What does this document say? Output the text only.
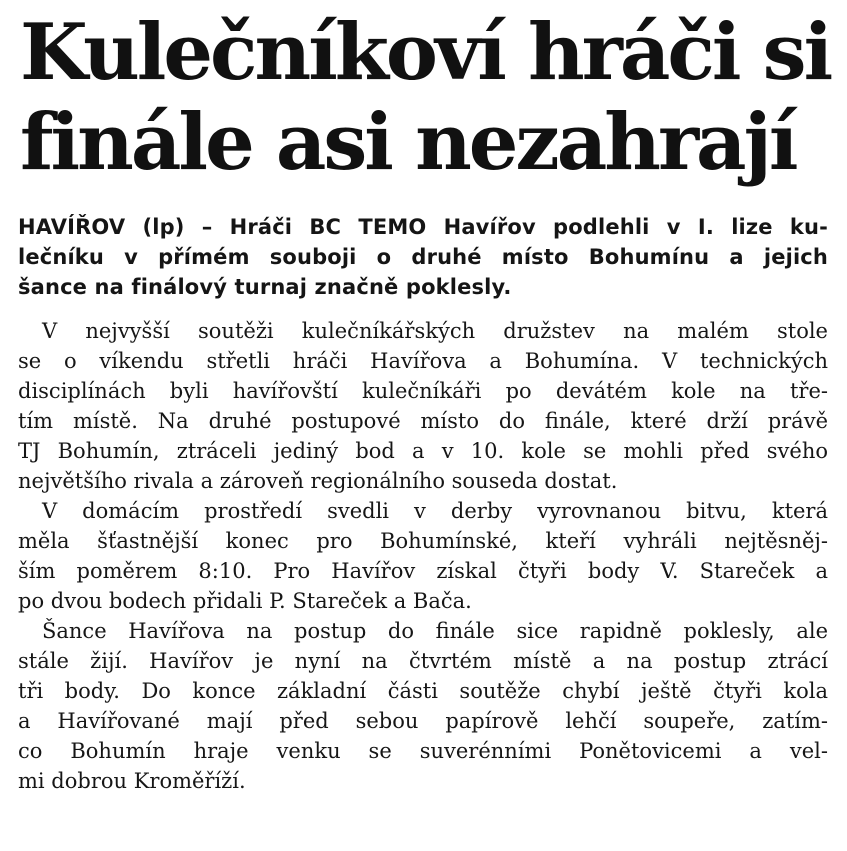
Kulečníkoví hráči si
finále asi nezahrají
HAVÍŘOV (lp) – Hráči BC TEMO Havířov podlehli v I. lize ku-
lečníku v přímém souboji o druhé místo Bohumínu a jejich
šance na finálový turnaj značně poklesly.
V nejvyšší soutěži kulečníkářských družstev na malém stole
se o víkendu střetli hráči Havířova a Bohumína. V technických
disciplínách byli havířovští kulečníkáři po devátém kole na tře-
tím místě. Na druhé postupové místo do finále, které drží právě
TJ Bohumín, ztráceli jediný bod a v 10. kole se mohli před svého
největšího rivala a zároveň regionálního souseda dostat.
V domácím prostředí svedli v derby vyrovnanou bitvu, která
měla šťastnější konec pro Bohumínské, kteří vyhráli nejtěsněj-
ším poměrem 8:10. Pro Havířov získal čtyři body V. Stareček a
po dvou bodech přidali P. Stareček a Bača.
Šance Havířova na postup do finále sice rapidně poklesly, ale
stále žijí. Havířov je nyní na čtvrtém místě a na postup ztrácí
tři body. Do konce základní části soutěže chybí ještě čtyři kola
a Havířované mají před sebou papírově lehčí soupeře, zatím-
co Bohumín hraje venku se suverénními Ponětovicemi a vel-
mi dobrou Kroměříží.
